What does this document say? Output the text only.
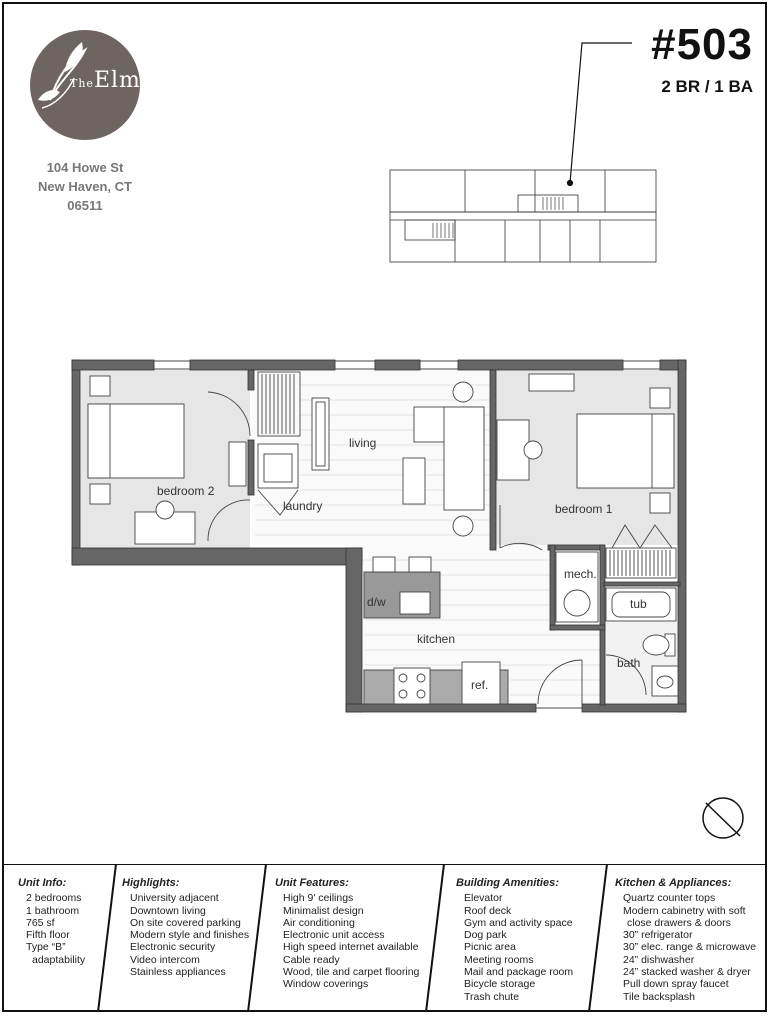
TheElm
104 Howe St
New Haven, CT
06511
#503
2 BR / 1 BA
bedroom 2
living
laundry	bedroom 1
mech.
tub
d/w
kitchen
bath
ref.
Unit Info:
2 bedrooms
1 bathroom
765 sf
Fifth floor
Type “B”
adaptability
Highlights:
University adjacent
Downtown living
On site covered parking
Modern style and finishes
Electronic security
Video intercom
Stainless appliances
Unit Features:
High 9' ceilings
Minimalist design
Air conditioning
Electronic unit access
High speed internet available
Cable ready
Wood, tile and carpet flooring
Window coverings
Building Amenities:
Elevator
Roof deck
Gym and activity space
Dog park
Picnic area
Meeting rooms
Mail and package room
Bicycle storage
Trash chute
Kitchen & Appliances:
Quartz counter tops
Modern cabinetry with soft
close drawers & doors
30” refrigerator
30” elec. range & microwave
24” dishwasher
24” stacked washer & dryer
Pull down spray faucet
Tile backsplash
